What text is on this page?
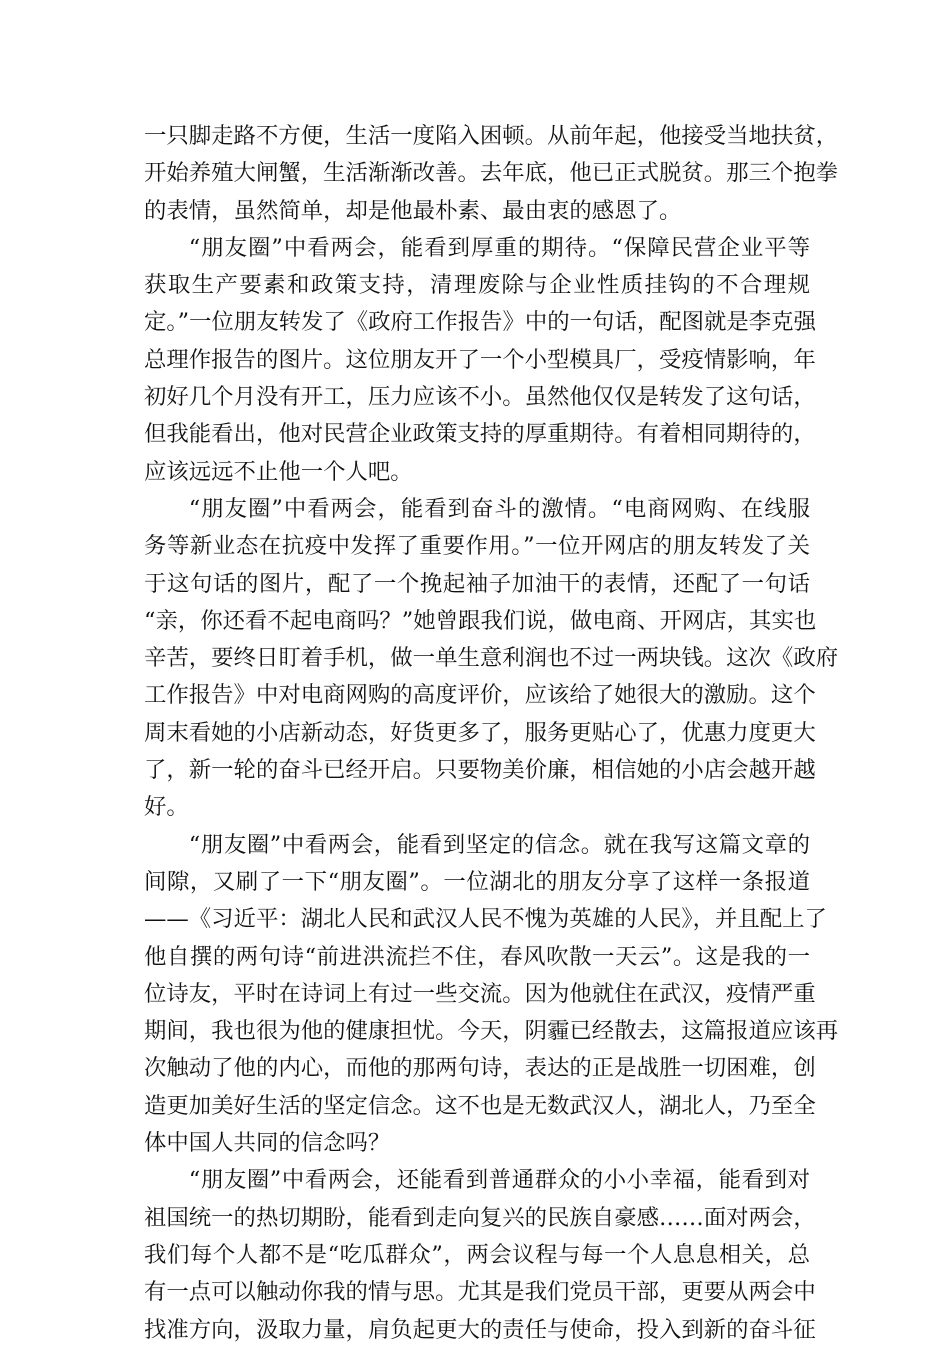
一只脚走路不方便，生活一度陷入困顿。从前年起，他接受当地扶贫，
开始养殖大闸蟹，生活渐渐改善。去年底，他已正式脱贫。那三个抱拳
的表情，虽然简单，却是他最朴素、最由衷的感恩了。
“朋友圈”中看两会，能看到厚重的期待。“保障民营企业平等
获取生产要素和政策支持，清理废除与企业性质挂钩的不合理规
定。”一位朋友转发了《政府工作报告》中的一句话，配图就是李克强
总理作报告的图片。这位朋友开了一个小型模具厂，受疫情影响，年
初好几个月没有开工，压力应该不小。虽然他仅仅是转发了这句话，
但我能看出，他对民营企业政策支持的厚重期待。有着相同期待的，
应该远远不止他一个人吧。
“朋友圈”中看两会，能看到奋斗的激情。“电商网购、在线服
务等新业态在抗疫中发挥了重要作用。”一位开网店的朋友转发了关
于这句话的图片，配了一个挽起袖子加油干的表情，还配了一句话
“亲，你还看不起电商吗？”她曾跟我们说，做电商、开网店，其实也
辛苦，要终日盯着手机，做一单生意利润也不过一两块钱。这次《政府
工作报告》中对电商网购的高度评价，应该给了她很大的激励。这个
周末看她的小店新动态，好货更多了，服务更贴心了，优惠力度更大
了，新一轮的奋斗已经开启。只要物美价廉，相信她的小店会越开越
好。
“朋友圈”中看两会，能看到坚定的信念。就在我写这篇文章的
间隙，又刷了一下“朋友圈”。一位湖北的朋友分享了这样一条报道
——《习近平：湖北人民和武汉人民不愧为英雄的人民》，并且配上了
他自撰的两句诗“前进洪流拦不住，春风吹散一天云”。这是我的一
位诗友，平时在诗词上有过一些交流。因为他就住在武汉，疫情严重
期间，我也很为他的健康担忧。今天，阴霾已经散去，这篇报道应该再
次触动了他的内心，而他的那两句诗，表达的正是战胜一切困难，创
造更加美好生活的坚定信念。这不也是无数武汉人，湖北人，乃至全
体中国人共同的信念吗？
“朋友圈”中看两会，还能看到普通群众的小小幸福，能看到对
祖国统一的热切期盼，能看到走向复兴的民族自豪感……面对两会，
我们每个人都不是“吃瓜群众”，两会议程与每一个人息息相关，总
有一点可以触动你我的情与思。尤其是我们党员干部，更要从两会中
找准方向，汲取力量，肩负起更大的责任与使命，投入到新的奋斗征
